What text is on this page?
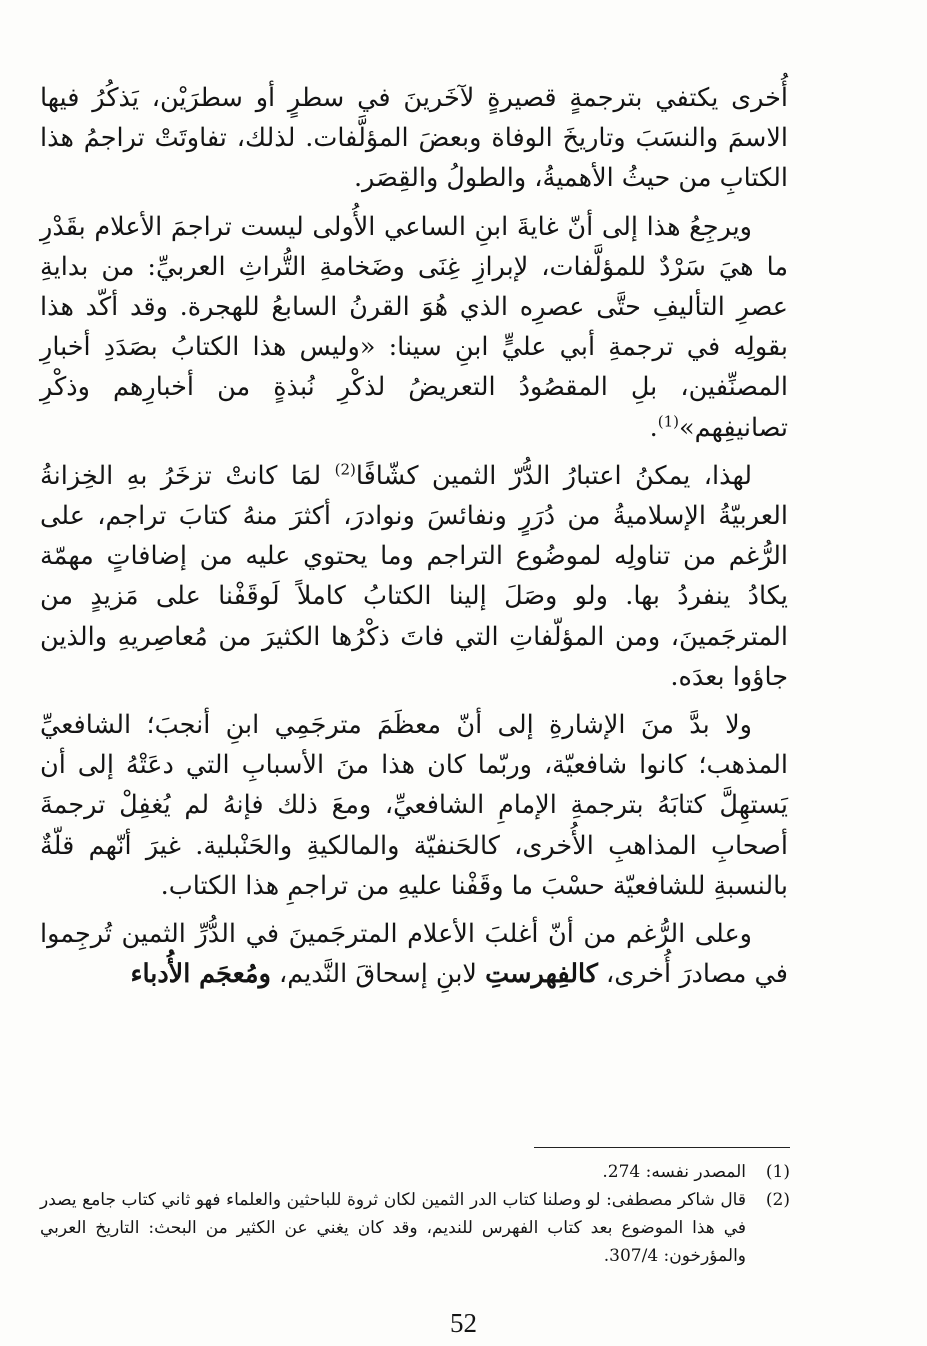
أُخرى يكتفي بترجمةٍ قصيرةٍ لآخَرينَ في سطرٍ أو سطرَيْن، يَذكُرُ فيها الاسمَ والنسَبَ وتاريخَ الوفاة وبعضَ المؤلَّفات. لذلك، تفاوتَتْ تراجمُ هذا الكتابِ من حيثُ الأهميةُ، والطولُ والقِصَر.

ويرجِعُ هذا إلى أنّ غايةَ ابنِ الساعي الأُولى ليست تراجمَ الأعلام بقَدْرِ ما هيَ سَرْدٌ للمؤلَّفات، لإبرازِ غِنَى وضَخامةِ التُّراثِ العربيِّ: من بدايةِ عصرِ التأليفِ حتَّى عصرِه الذي هُوَ القرنُ السابعُ للهجرة. وقد أكّد هذا بقولِه في ترجمةِ أبي عليٍّ ابنِ سينا: «وليس هذا الكتابُ بصَدَدِ أخبارِ المصنِّفين، بلِ المقصُودُ التعريضُ لذكْرِ نُبذةٍ من أخبارِهم وذكْرِ تصانيفِهم»$^{(1)}$.

لهذا، يمكنُ اعتبارُ الدُّرّ الثمين كشّافًا$^{(2)}$ لمَا كانتْ تزخَرُ بهِ الخِزانةُ العربيّةُ الإسلاميةُ من دُرَرٍ ونفائسَ ونوادرَ، أكثرَ منهُ كتابَ تراجم، على الرُّغم من تناولِه لموضُوع التراجم وما يحتوي عليه من إضافاتٍ مهمّة يكادُ ينفردُ بها. ولو وصَلَ إلينا الكتابُ كاملاً لَوقَفْنا على مَزيدٍ من المترجَمينَ، ومن المؤلّفاتِ التي فاتَ ذكْرُها الكثيرَ من مُعاصِريهِ والذين جاؤوا بعدَه.

ولا بدَّ منَ الإشارةِ إلى أنّ معظَمَ مترجَمِي ابنِ أنجبَ؛ الشافعيِّ المذهب؛ كانوا شافعيّة، وربّما كان هذا منَ الأسبابِ التي دعَتْهُ إلى أن يَستهِلَّ كتابَهُ بترجمةِ الإمامِ الشافعيِّ، ومعَ ذلك فإنهُ لم يُغفِلْ ترجمةَ أصحابِ المذاهبِ الأُخرى، كالحَنفيّة والمالكيةِ والحَنْبلية. غيرَ أنّهم قلّةٌ بالنسبةِ للشافعيّة حسْبَ ما وقَفْنا عليهِ من تراجمِ هذا الكتاب.

وعلى الرُّغم من أنّ أغلبَ الأعلام المترجَمينَ في الدُّرِّ الثمين تُرجِموا في مصادرَ أُخرى، كالفِهرستِ لابنِ إسحاقَ النَّديم، ومُعجَم الأُدباء

(1)
المصدر نفسه: 274.
(2)
قال شاكر مصطفى: لو وصلنا كتاب الدر الثمين لكان ثروة للباحثين والعلماء فهو ثاني كتاب جامع يصدر في هذا الموضوع بعد كتاب الفهرس للنديم، وقد كان يغني عن الكثير من البحث: التاريخ العربي والمؤرخون: 307/4.
52
